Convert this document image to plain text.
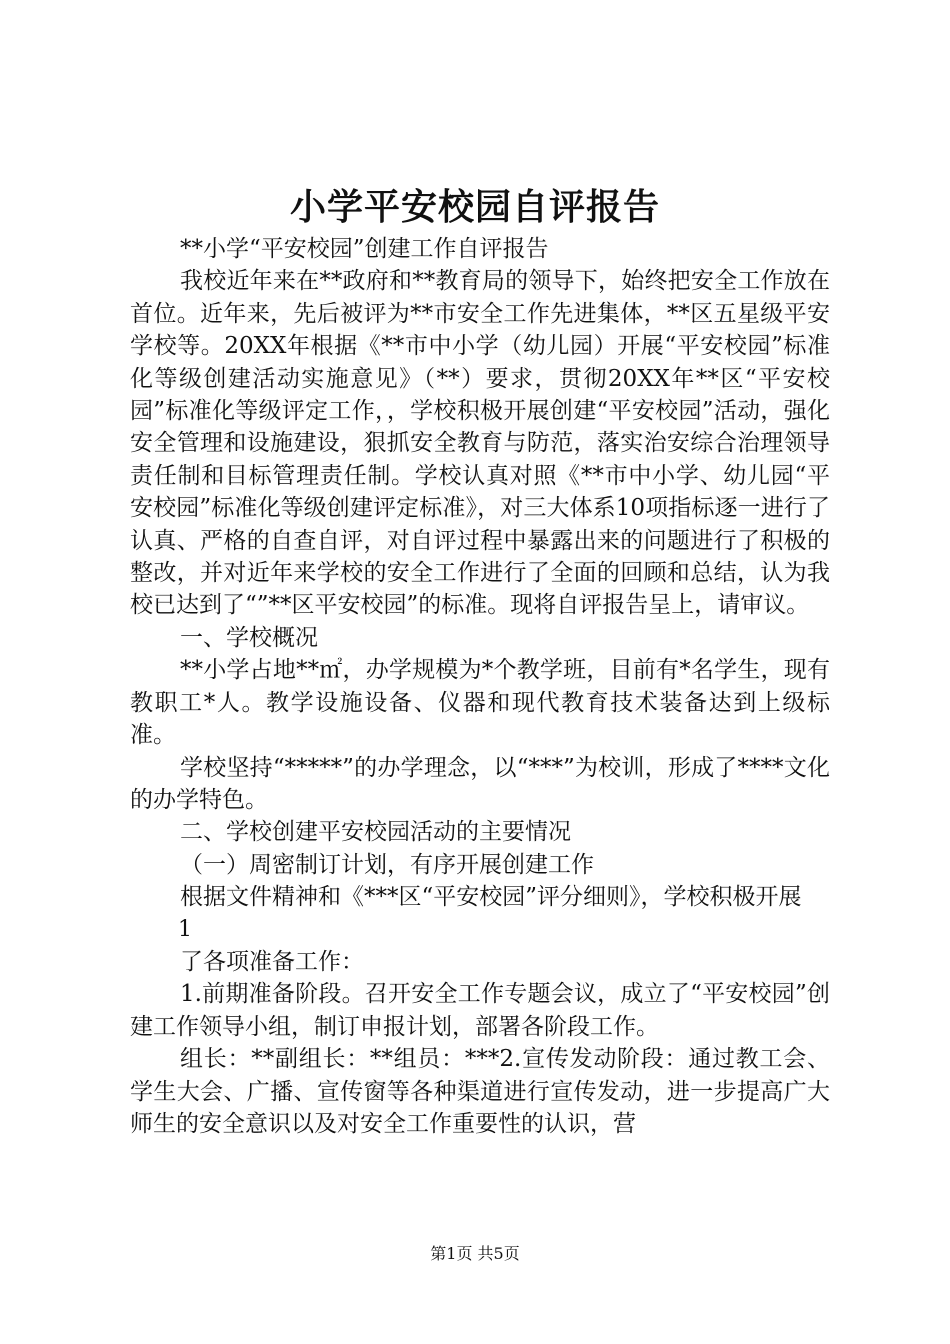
小学平安校园自评报告

**小学“平安校园”创建工作自评报告

我校近年来在**政府和**教育局的领导下，始终把安全工作放在首位。近年来，先后被评为**市安全工作先进集体，**区五星级平安学校等。20XX年根据《**市中小学（幼儿园）开展“平安校园”标准化等级创建活动实施意见》（**）要求，贯彻20XX年**区“平安校园”标准化等级评定工作，，学校积极开展创建“平安校园”活动，强化安全管理和设施建设，狠抓安全教育与防范，落实治安综合治理领导责任制和目标管理责任制。学校认真对照《**市中小学、幼儿园“平安校园”标准化等级创建评定标准》，对三大体系10项指标逐一进行了认真、严格的自查自评，对自评过程中暴露出来的问题进行了积极的整改，并对近年来学校的安全工作进行了全面的回顾和总结，认为我校已达到了“”**区平安校园”的标准。现将自评报告呈上，请审议。

一、学校概况

**小学占地**㎡，办学规模为*个教学班，目前有*名学生，现有教职工*人。教学设施设备、仪器和现代教育技术装备达到上级标准。

学校坚持“*****”的办学理念，以“***”为校训，形成了****文化的办学特色。

二、学校创建平安校园活动的主要情况

（一）周密制订计划，有序开展创建工作

根据文件精神和《***区“平安校园”评分细则》，学校积极开展

1

了各项准备工作：

1.前期准备阶段。召开安全工作专题会议，成立了“平安校园”创建工作领导小组，制订申报计划，部署各阶段工作。

组长：**副组长：**组员：***2.宣传发动阶段：通过教工会、学生大会、广播、宣传窗等各种渠道进行宣传发动，进一步提高广大师生的安全意识以及对安全工作重要性的认识，营

第1页 共5页
